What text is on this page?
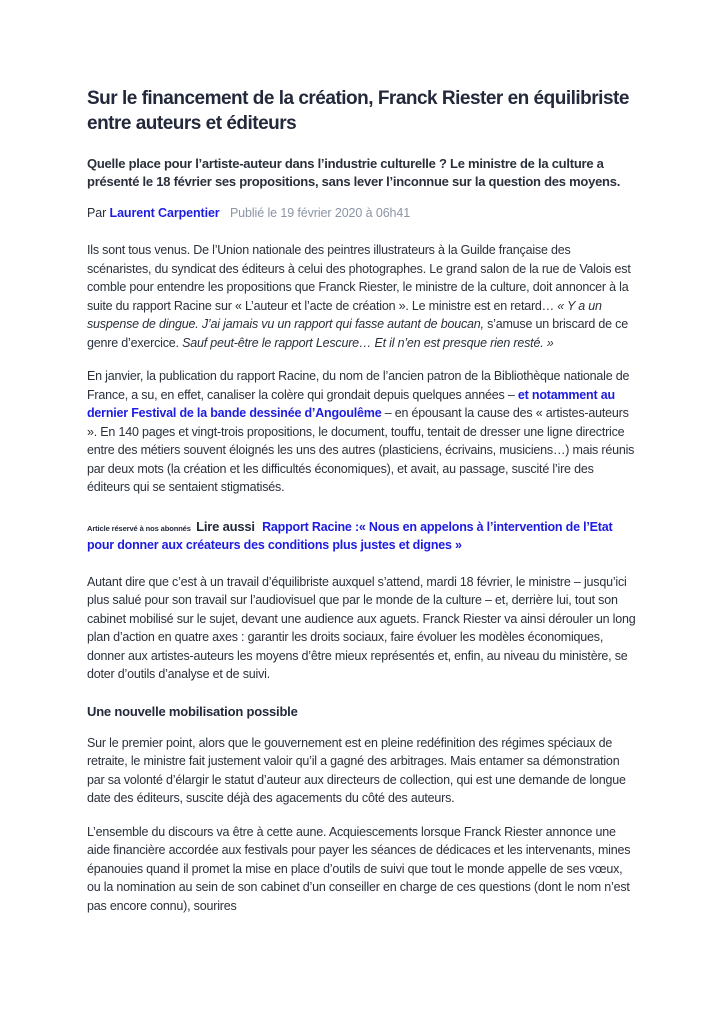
Sur le financement de la création, Franck Riester en équilibriste entre auteurs et éditeurs

Quelle place pour l’artiste-auteur dans l’industrie culturelle ? Le ministre de la culture a présenté le 18 février ses propositions, sans lever l’inconnue sur la question des moyens.

Par Laurent Carpentier Publié le 19 février 2020 à 06h41

Ils sont tous venus. De l’Union nationale des peintres illustrateurs à la Guilde française des scénaristes, du syndicat des éditeurs à celui des photographes. Le grand salon de la rue de Valois est comble pour entendre les propositions que Franck Riester, le ministre de la culture, doit annoncer à la suite du rapport Racine sur « L’auteur et l’acte de création ». Le ministre est en retard… « Y a un suspense de dingue. J’ai jamais vu un rapport qui fasse autant de boucan, s’amuse un briscard de ce genre d’exercice. Sauf peut-être le rapport Lescure… Et il n’en est presque rien resté. »

En janvier, la publication du rapport Racine, du nom de l’ancien patron de la Bibliothèque nationale de France, a su, en effet, canaliser la colère qui grondait depuis quelques années – et notamment au dernier Festival de la bande dessinée d’Angoulême – en épousant la cause des « artistes-auteurs ». En 140 pages et vingt-trois propositions, le document, touffu, tentait de dresser une ligne directrice entre des métiers souvent éloignés les uns des autres (plasticiens, écrivains, musiciens…) mais réunis par deux mots (la création et les difficultés économiques), et avait, au passage, suscité l’ire des éditeurs qui se sentaient stigmatisés.

Article réservé à nos abonnés Lire aussi Rapport Racine :« Nous en appelons à l’intervention de l’Etat pour donner aux créateurs des conditions plus justes et dignes »

Autant dire que c’est à un travail d’équilibriste auxquel s’attend, mardi 18 février, le ministre – jusqu’ici plus salué pour son travail sur l’audiovisuel que par le monde de la culture – et, derrière lui, tout son cabinet mobilisé sur le sujet, devant une audience aux aguets. Franck Riester va ainsi dérouler un long plan d’action en quatre axes : garantir les droits sociaux, faire évoluer les modèles économiques, donner aux artistes-auteurs les moyens d’être mieux représentés et, enfin, au niveau du ministère, se doter d’outils d’analyse et de suivi.

Une nouvelle mobilisation possible

Sur le premier point, alors que le gouvernement est en pleine redéfinition des régimes spéciaux de retraite, le ministre fait justement valoir qu’il a gagné des arbitrages. Mais entamer sa démonstration par sa volonté d’élargir le statut d’auteur aux directeurs de collection, qui est une demande de longue date des éditeurs, suscite déjà des agacements du côté des auteurs.

L’ensemble du discours va être à cette aune. Acquiescements lorsque Franck Riester annonce une aide financière accordée aux festivals pour payer les séances de dédicaces et les intervenants, mines épanouies quand il promet la mise en place d’outils de suivi que tout le monde appelle de ses vœux, ou la nomination au sein de son cabinet d’un conseiller en charge de ces questions (dont le nom n’est pas encore connu), sourires
